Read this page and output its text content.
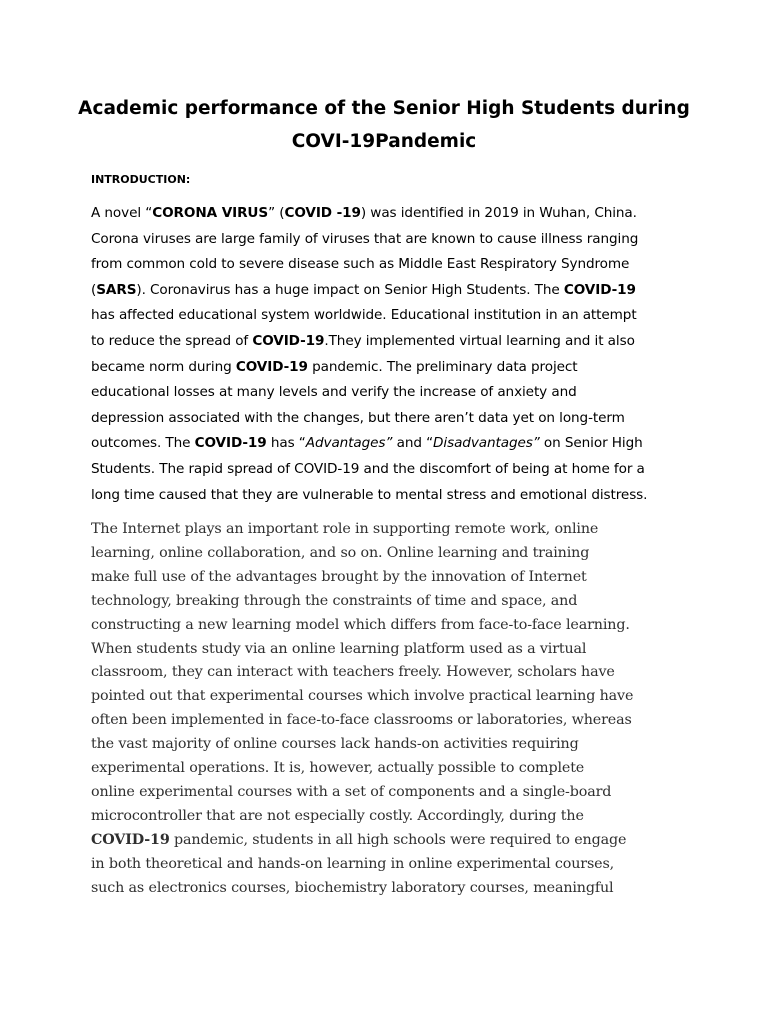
Academic performance of the Senior High Students during
COVI-19Pandemic
INTRODUCTION:
A novel “CORONA VIRUS” (COVID -19) was identified in 2019 in Wuhan, China.
Corona viruses are large family of viruses that are known to cause illness ranging
from common cold to severe disease such as Middle East Respiratory Syndrome
(SARS). Coronavirus has a huge impact on Senior High Students. The COVID-19
has affected educational system worldwide. Educational institution in an attempt
to reduce the spread of COVID-19.They implemented virtual learning and it also
became norm during COVID-19 pandemic. The preliminary data project
educational losses at many levels and verify the increase of anxiety and
depression associated with the changes, but there aren’t data yet on long-term
outcomes. The COVID-19 has “Advantages” and “Disadvantages” on Senior High
Students. The rapid spread of COVID-19 and the discomfort of being at home for a
long time caused that they are vulnerable to mental stress and emotional distress.
The Internet plays an important role in supporting remote work, online
learning, online collaboration, and so on. Online learning and training
make full use of the advantages brought by the innovation of Internet
technology, breaking through the constraints of time and space, and
constructing a new learning model which differs from face-to-face learning.
When students study via an online learning platform used as a virtual
classroom, they can interact with teachers freely. However, scholars have
pointed out that experimental courses which involve practical learning have
often been implemented in face-to-face classrooms or laboratories, whereas
the vast majority of online courses lack hands-on activities requiring
experimental operations. It is, however, actually possible to complete
online experimental courses with a set of components and a single-board
microcontroller that are not especially costly. Accordingly, during the
COVID-19 pandemic, students in all high schools were required to engage
in both theoretical and hands-on learning in online experimental courses,
such as electronics courses, biochemistry laboratory courses, meaningful
